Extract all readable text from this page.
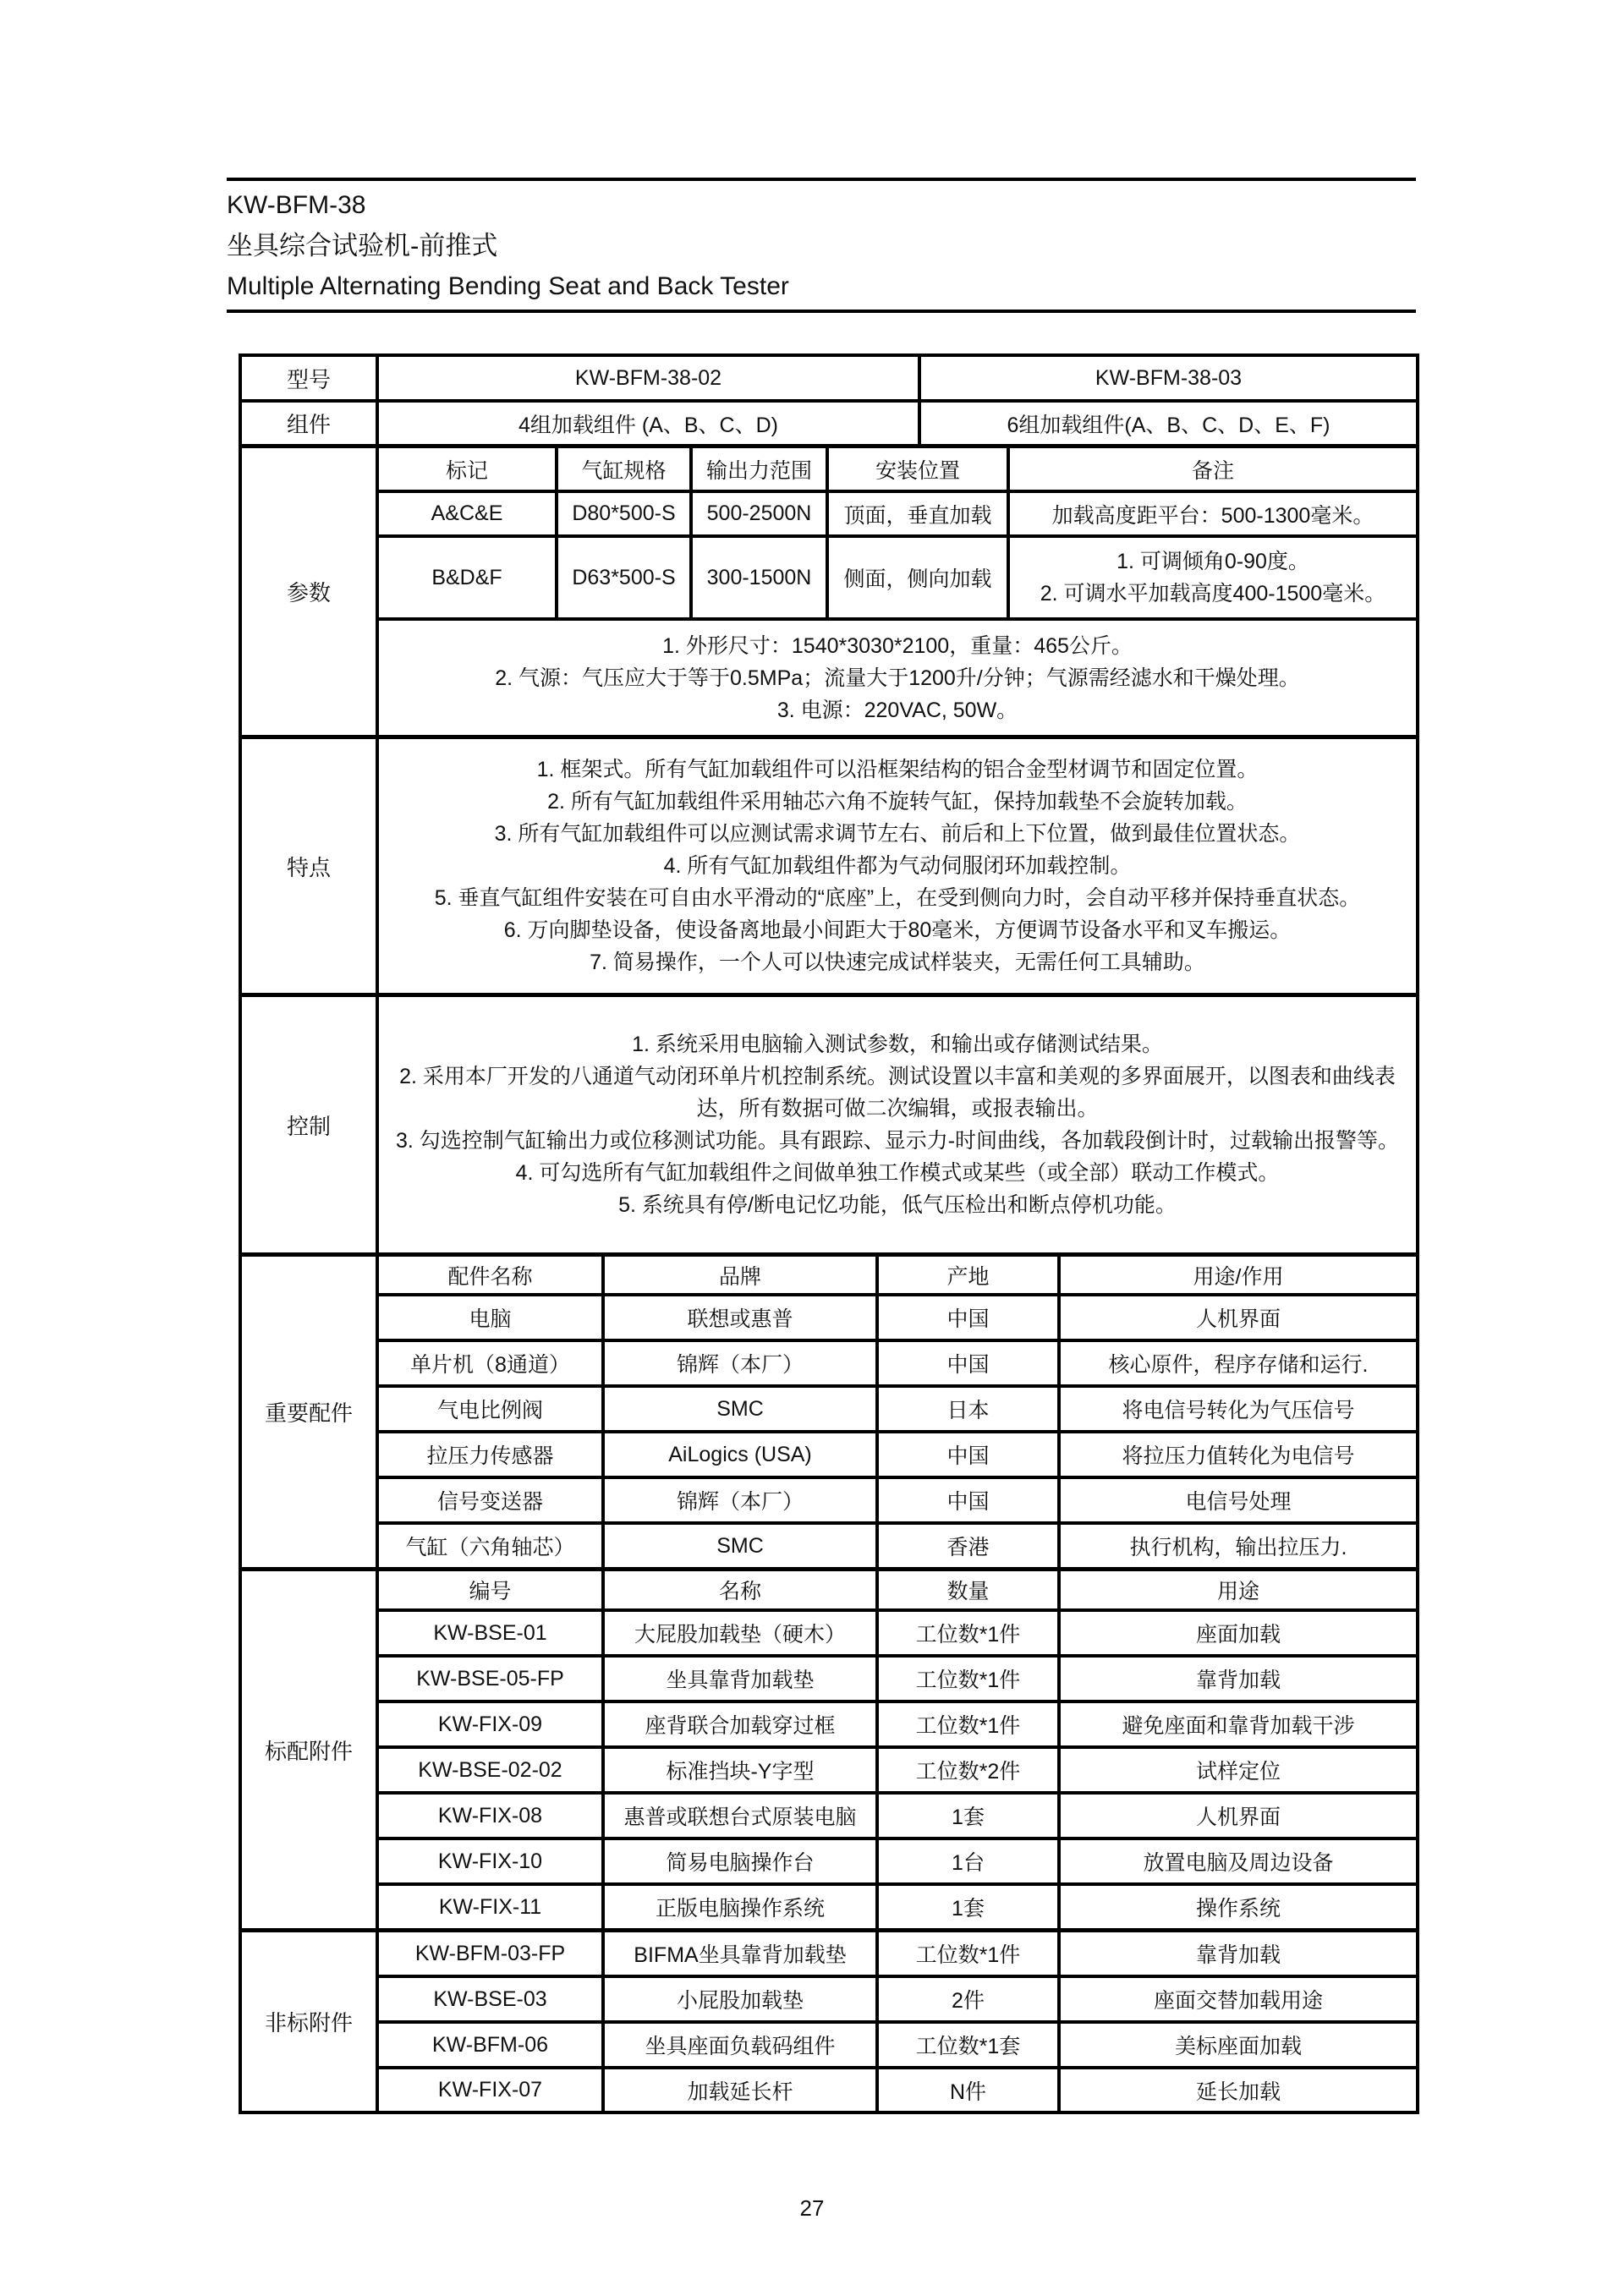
KW-BFM-38
坐具综合试验机-前推式
Multiple Alternating Bending Seat and Back Tester
型号	KW-BFM-38-02	KW-BFM-38-03
组件	4组加载组件 (A、B、C、D)	6组加载组件(A、B、C、D、E、F)
参数	标记	气缸规格	输出力范围	安装位置	备注
	A&C&E	D80*500-S	500-2500N	顶面，垂直加载	加载高度距平台：500-1300毫米。
	B&D&F	D63*500-S	300-1500N	侧面，侧向加载	1. 可调倾角0-90度。
2. 可调水平加载高度400-1500毫米。

	1. 外形尺寸：1540*3030*2100，重量：465公斤。
2. 气源：气压应大于等于0.5MPa；流量大于1200升/分钟；气源需经滤水和干燥处理。
3. 电源：220VAC, 50W。				
特点	
1. 框架式。所有气缸加载组件可以沿框架结构的铝合金型材调节和固定位置。
2. 所有气缸加载组件采用轴芯六角不旋转气缸，保持加载垫不会旋转加载。
3. 所有气缸加载组件可以应测试需求调节左右、前后和上下位置，做到最佳位置状态。
4. 所有气缸加载组件都为气动伺服闭环加载控制。
5. 垂直气缸组件安装在可自由水平滑动的“底座”上，在受到侧向力时，会自动平移并保持垂直状态。
6. 万向脚垫设备，使设备离地最小间距大于80毫米，方便调节设备水平和叉车搬运。
7. 简易操作，一个人可以快速完成试样装夹，无需任何工具辅助。
控制	
1. 系统采用电脑输入测试参数，和输出或存储测试结果。
2. 采用本厂开发的八通道气动闭环单片机控制系统。测试设置以丰富和美观的多界面展开，以图表和曲线表达，所有数据可做二次编辑，或报表输出。
3. 勾选控制气缸输出力或位移测试功能。具有跟踪、显示力-时间曲线，各加载段倒计时，过载输出报警等。
4. 可勾选所有气缸加载组件之间做单独工作模式或某些（或全部）联动工作模式。
5. 系统具有停/断电记忆功能，低气压检出和断点停机功能。
重要配件	配件名称	品牌	产地	用途/作用
	电脑	联想或惠普	中国	人机界面
	单片机（8通道）	锦辉（本厂）	中国	核心原件，程序存储和运行.
	气电比例阀	SMC	日本	将电信号转化为气压信号
	拉压力传感器	AiLogics (USA)	中国	将拉压力值转化为电信号
	信号变送器	锦辉（本厂）	中国	电信号处理
	气缸（六角轴芯）	SMC	香港	执行机构，输出拉压力.
标配附件	编号	名称	数量	用途
	KW-BSE-01	大屁股加载垫（硬木）	工位数*1件	座面加载
	KW-BSE-05-FP	坐具靠背加载垫	工位数*1件	靠背加载
	KW-FIX-09	座背联合加载穿过框	工位数*1件	避免座面和靠背加载干涉
	KW-BSE-02-02	标准挡块-Y字型	工位数*2件	试样定位
	KW-FIX-08	惠普或联想台式原装电脑	1套	人机界面
	KW-FIX-10	简易电脑操作台	1台	放置电脑及周边设备
	KW-FIX-11	正版电脑操作系统	1套	操作系统
非标附件	KW-BFM-03-FP	BIFMA坐具靠背加载垫	工位数*1件	靠背加载
	KW-BSE-03	小屁股加载垫	2件	座面交替加载用途
	KW-BFM-06	坐具座面负载码组件	工位数*1套	美标座面加载
	KW-FIX-07	加载延长杆	N件	延长加载
27
